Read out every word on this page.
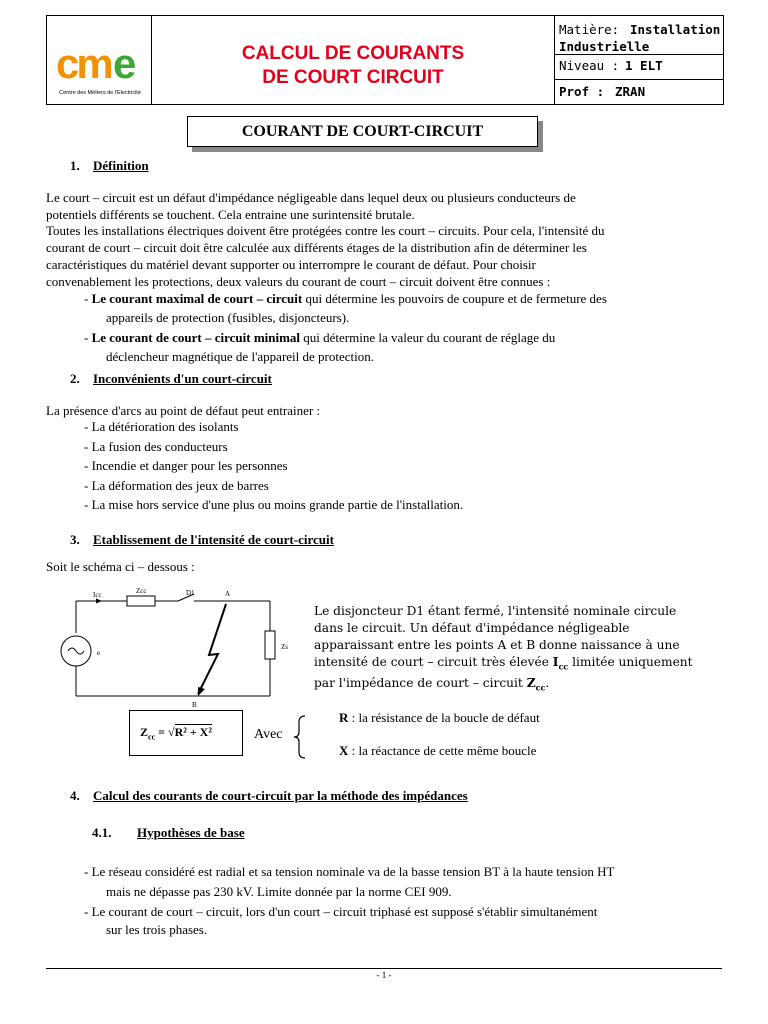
cm e
Centre des Métiers de l'Electricité
CALCUL DE COURANTS
DE COURT CIRCUIT
Matière: Installation
Industrielle
Niveau : 1 ELT
Prof : ZRAN
COURANT DE COURT-CIRCUIT
1. Définition
Le court – circuit est un défaut d'impédance négligeable dans lequel deux ou plusieurs conducteurs de
potentiels différents se touchent. Cela entraine une surintensité brutale.
Toutes les installations électriques doivent être protégées contre les court – circuits. Pour cela, l'intensité du
courant de court – circuit doit être calculée aux différents étages de la distribution afin de déterminer les
caractéristiques du matériel devant supporter ou interrompre le courant de défaut. Pour choisir
convenablement les protections, deux valeurs du courant de court – circuit doivent être connues :
- Le courant maximal de court – circuit qui détermine les pouvoirs de coupure et de fermeture des
appareils de protection (fusibles, disjoncteurs).
- Le courant de court – circuit minimal qui détermine la valeur du courant de réglage du
déclencheur magnétique de l'appareil de protection.
2. Inconvénients d'un court-circuit
La présence d'arcs au point de défaut peut entrainer :
- La détérioration des isolants
- La fusion des conducteurs
- Incendie et danger pour les personnes
- La déformation des jeux de barres
- La mise hors service d'une plus ou moins grande partie de l'installation.
3. Etablissement de l'intensité de court-circuit
Soit le schéma ci – dessous :
Icc	Zcc	D1	A
B
e
Zs
Le disjoncteur D1 étant fermé, l'intensité nominale circule
dans le circuit. Un défaut d'impédance négligeable
apparaissant entre les points A et B donne naissance à une
intensité de court – circuit très élevée $I_{cc}$ limitée uniquement
par l'impédance de court – circuit $Z_{cc}$.
$Z_{cc} = √R^2 + X^2$	Avec
R : la résistance de la boucle de défaut
X : la réactance de cette même boucle
4. Calcul des courants de court-circuit par la méthode des impédances
4.1. Hypothèses de base
- Le réseau considéré est radial et sa tension nominale va de la basse tension BT à la haute tension HT
mais ne dépasse pas 230 kV. Limite donnée par la norme CEI 909.
- Le courant de court – circuit, lors d'un court – circuit triphasé est supposé s'établir simultanément
sur les trois phases.
- 1 -
